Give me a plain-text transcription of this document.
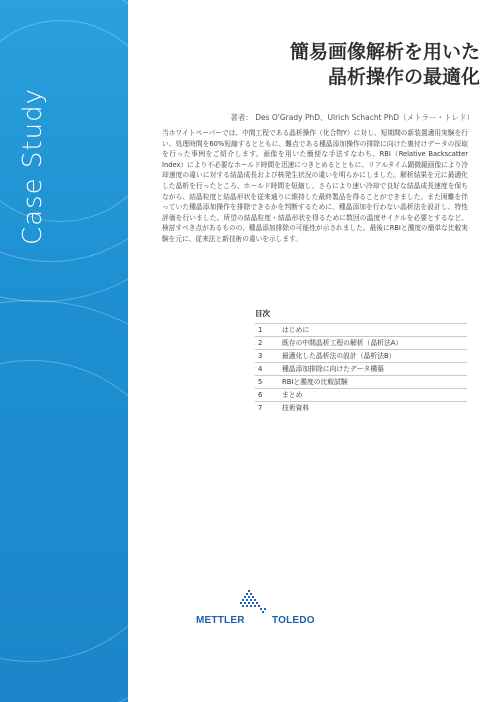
Case Study
簡易画像解析を用いた
晶析操作の最適化
著者： Des O'Grady PhD、Ulrich Schacht PhD（メトラー・トレド）
当ホワイトペーパーでは、中間工程である晶析操作（化合物Y）に対し、短期間の新装置適用実験を行い、処理時間を60%短縮するとともに、難点である種晶添加操作の排除に向けた裏付けデータの採取を行った事例をご紹介します。画像を用いた簡便な手法すなわち、RBI（Relative Backscatter Index）により不必要なホールド時間を迅速につきとめるとともに、リアルタイム顕微鏡画像により冷却速度の違いに対する結晶成長および核発生状況の違いを明らかにしました。解析結果を元に最適化した晶析を行ったところ、ホールド時間を短縮し、さらにより速い冷却で良好な結晶成長速度を保ちながら、結晶粒度と結晶形状を従来通りに維持した最終製品を得ることができました。また困難を伴っていた種晶添加操作を排除できるかを判断するために、種晶添加を行わない晶析法を設計し、特性評価を行いました。所望の結晶粒度・結晶形状を得るために数回の温度サイクルを必要とするなど、検討すべき点があるものの、種晶添加排除の可能性が示されました。最後にRBIと濁度の簡単な比較実験を元に、従来法と新技術の違いを示します。
目次
1	はじめに
2	既存の中間晶析工程の解析（晶析法A）
3	最適化した晶析法の設計（晶析法B）
4	種晶添加排除に向けたデータ構築
5	RBIと濁度の比較試験
6	まとめ
7	技術資料
METTLER	TOLEDO
